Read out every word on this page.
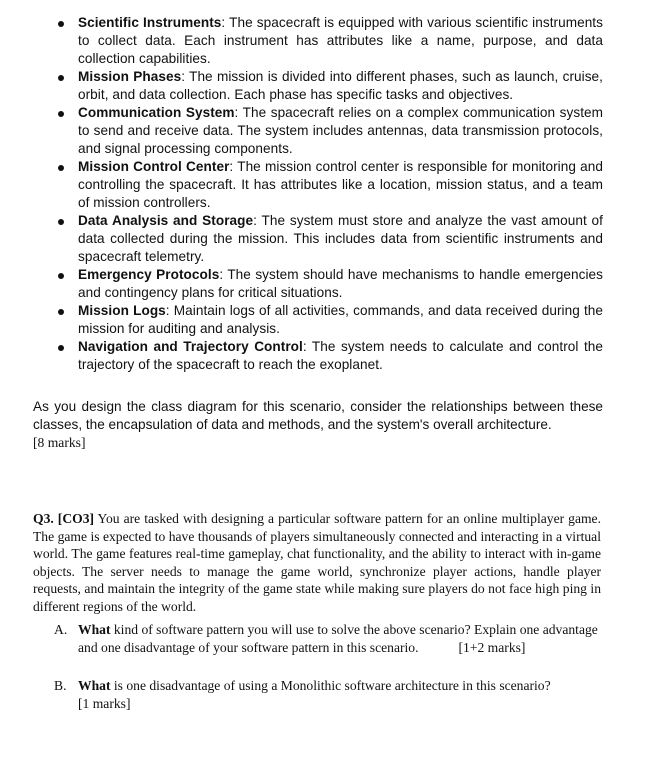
Scientific Instruments: The spacecraft is equipped with various scientific instruments to collect data. Each instrument has attributes like a name, purpose, and data collection capabilities.
Mission Phases: The mission is divided into different phases, such as launch, cruise, orbit, and data collection. Each phase has specific tasks and objectives.
Communication System: The spacecraft relies on a complex communication system to send and receive data. The system includes antennas, data transmission protocols, and signal processing components.
Mission Control Center: The mission control center is responsible for monitoring and controlling the spacecraft. It has attributes like a location, mission status, and a team of mission controllers.
Data Analysis and Storage: The system must store and analyze the vast amount of data collected during the mission. This includes data from scientific instruments and spacecraft telemetry.
Emergency Protocols: The system should have mechanisms to handle emergencies and contingency plans for critical situations.
Mission Logs: Maintain logs of all activities, commands, and data received during the mission for auditing and analysis.
Navigation and Trajectory Control: The system needs to calculate and control the trajectory of the spacecraft to reach the exoplanet.

As you design the class diagram for this scenario, consider the relationships between these classes, the encapsulation of data and methods, and the system's overall architecture.
[8 marks]

Q3. [CO3] You are tasked with designing a particular software pattern for an online multiplayer game. The game is expected to have thousands of players simultaneously connected and interacting in a virtual world. The game features real-time gameplay, chat functionality, and the ability to interact with in-game objects. The server needs to manage the game world, synchronize player actions, handle player requests, and maintain the integrity of the game state while making sure players do not face high ping in different regions of the world.

A. What kind of software pattern you will use to solve the above scenario? Explain one advantage and one disadvantage of your software pattern in this scenario.	[1+2 marks]
B. What is one disadvantage of using a Monolithic software architecture in this scenario?
[1 marks]
